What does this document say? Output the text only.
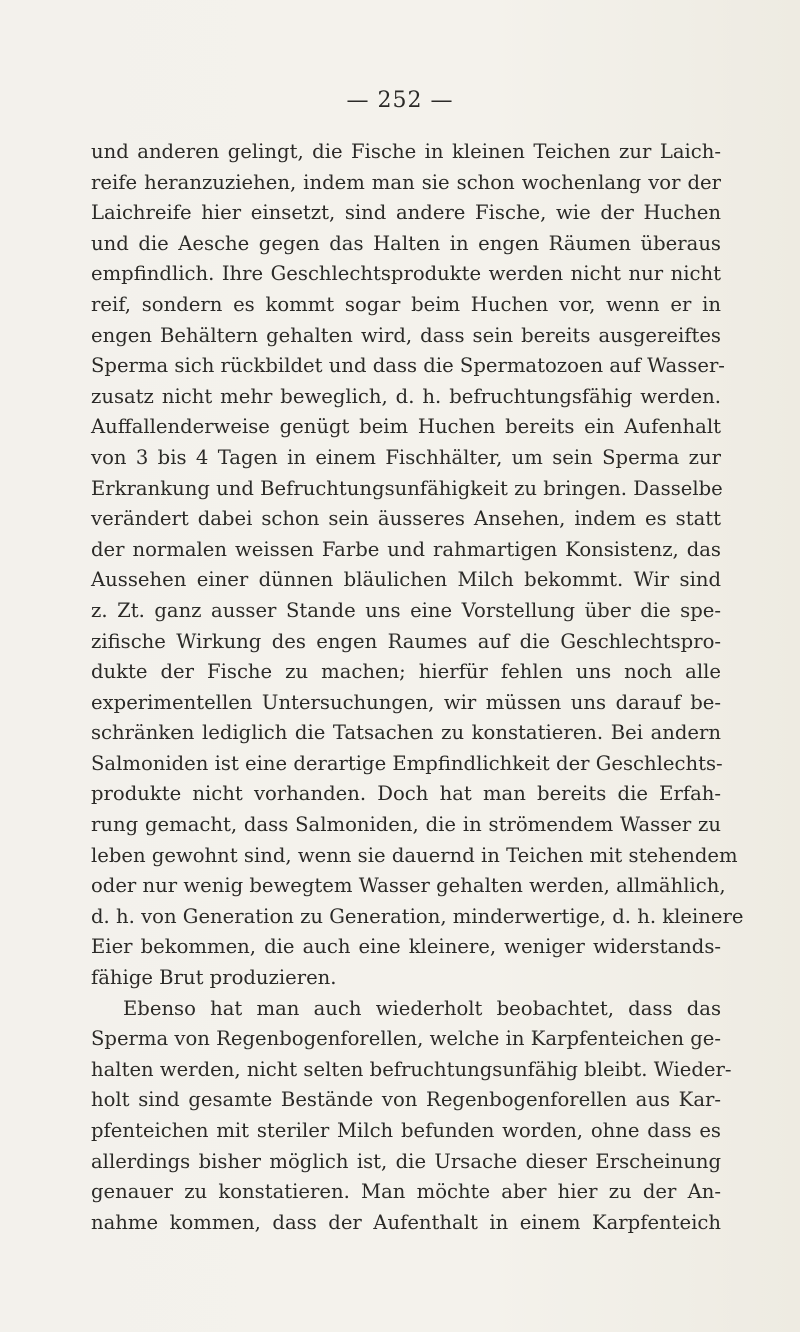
— 252 —
und anderen gelingt, die Fische in kleinen Teichen zur Laich-
reife heranzuziehen, indem man sie schon wochenlang vor der
Laichreife hier einsetzt, sind andere Fische, wie der Huchen
und die Aesche gegen das Halten in engen Räumen überaus
empfindlich. Ihre Geschlechtsprodukte werden nicht nur nicht
reif, sondern es kommt sogar beim Huchen vor, wenn er in
engen Behältern gehalten wird, dass sein bereits ausgereiftes
Sperma sich rückbildet und dass die Spermatozoen auf Wasser-
zusatz nicht mehr beweglich, d. h. befruchtungsfähig werden.
Auffallenderweise genügt beim Huchen bereits ein Aufenhalt
von 3 bis 4 Tagen in einem Fischhälter, um sein Sperma zur
Erkrankung und Befruchtungsunfähigkeit zu bringen. Dasselbe
verändert dabei schon sein äusseres Ansehen, indem es statt
der normalen weissen Farbe und rahmartigen Konsistenz, das
Aussehen einer dünnen bläulichen Milch bekommt. Wir sind
z. Zt. ganz ausser Stande uns eine Vorstellung über die spe-
zifische Wirkung des engen Raumes auf die Geschlechtspro-
dukte der Fische zu machen; hierfür fehlen uns noch alle
experimentellen Untersuchungen, wir müssen uns darauf be-
schränken lediglich die Tatsachen zu konstatieren. Bei andern
Salmoniden ist eine derartige Empfindlichkeit der Geschlechts-
produkte nicht vorhanden. Doch hat man bereits die Erfah-
rung gemacht, dass Salmoniden, die in strömendem Wasser zu
leben gewohnt sind, wenn sie dauernd in Teichen mit stehendem
oder nur wenig bewegtem Wasser gehalten werden, allmählich,
d. h. von Generation zu Generation, minderwertige, d. h. kleinere
Eier bekommen, die auch eine kleinere, weniger widerstands-
fähige Brut produzieren.
Ebenso hat man auch wiederholt beobachtet, dass das
Sperma von Regenbogenforellen, welche in Karpfenteichen ge-
halten werden, nicht selten befruchtungsunfähig bleibt. Wieder-
holt sind gesamte Bestände von Regenbogenforellen aus Kar-
pfenteichen mit steriler Milch befunden worden, ohne dass es
allerdings bisher möglich ist, die Ursache dieser Erscheinung
genauer zu konstatieren. Man möchte aber hier zu der An-
nahme kommen, dass der Aufenthalt in einem Karpfenteich
